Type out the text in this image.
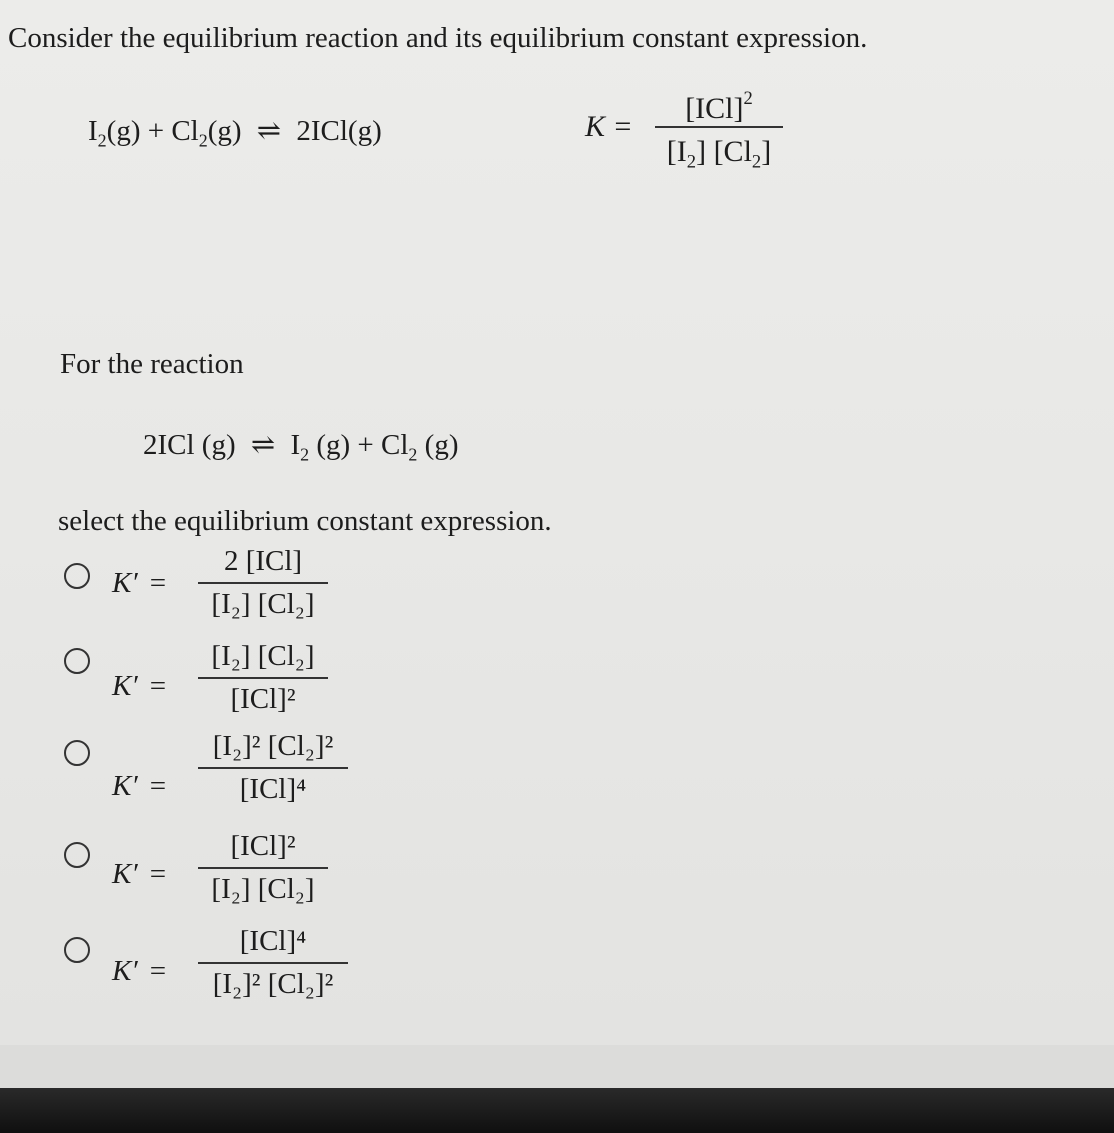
Consider the equilibrium reaction and its equilibrium constant expression.
$I_2(g) + Cl_2(g)$ ⇌ 2ICl(g)	K =
[ICl]$^2$
$[I_2]$ $[Cl_2]$
For the reaction
2ICl (g) ⇌ $I_2$ $(g) + Cl_2$ (g)
select the equilibrium constant expression.
K′ =
2 [ICl]
[I₂] [Cl₂]
K′ =
[I₂] [Cl₂]
[ICl]²
K′ =
[I₂]² [Cl₂]²
[ICl]⁴
K′ =
[ICl]²
[I₂] [Cl₂]
K′ =
[ICl]⁴
[I₂]² [Cl₂]²
